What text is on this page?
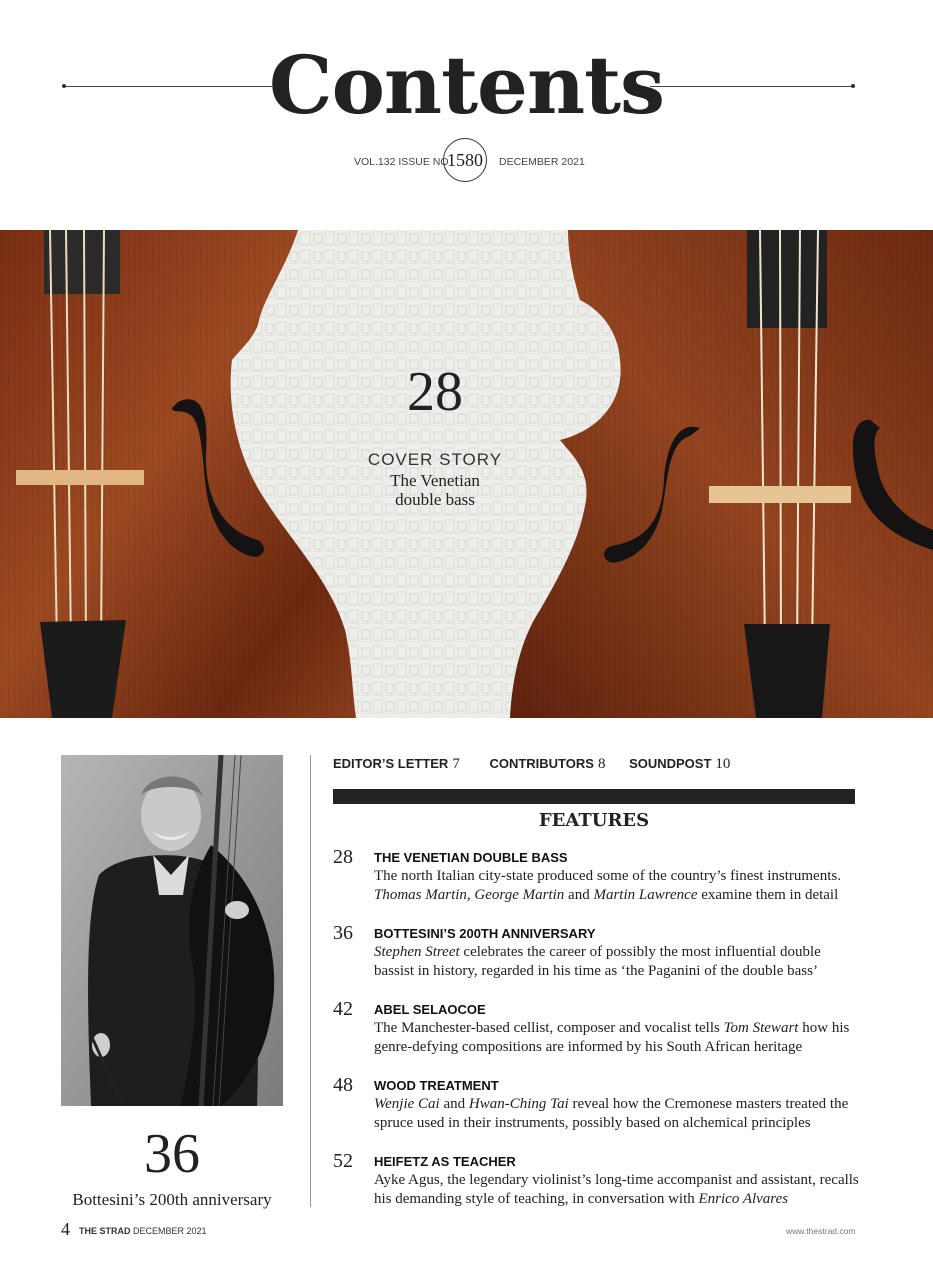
Contents
VOL.132 ISSUE NO
1580	DECEMBER 2021
28
COVER STORY
The Venetian
double bass
36
Bottesini’s 200th anniversary
EDITOR’S LETTER 7 CONTRIBUTORS 8 SOUNDPOST 10
FEATURES
28 THE VENETIAN DOUBLE BASS
The north Italian city-state produced some of the country’s finest instruments. Thomas Martin, George Martin and Martin Lawrence examine them in detail
36 BOTTESINI’S 200TH ANNIVERSARY
Stephen Street celebrates the career of possibly the most influential double bassist in history, regarded in his time as ‘the Paganini of the double bass’
42 ABEL SELAOCOE
The Manchester-based cellist, composer and vocalist tells Tom Stewart how his genre-defying compositions are informed by his South African heritage
48 WOOD TREATMENT
Wenjie Cai and Hwan-Ching Tai reveal how the Cremonese masters treated the spruce used in their instruments, possibly based on alchemical principles
52 HEIFETZ AS TEACHER
Ayke Agus, the legendary violinist’s long-time accompanist and assistant, recalls his demanding style of teaching, in conversation with Enrico Alvares
4 THE STRAD DECEMBER 2021	www.thestrad.com
